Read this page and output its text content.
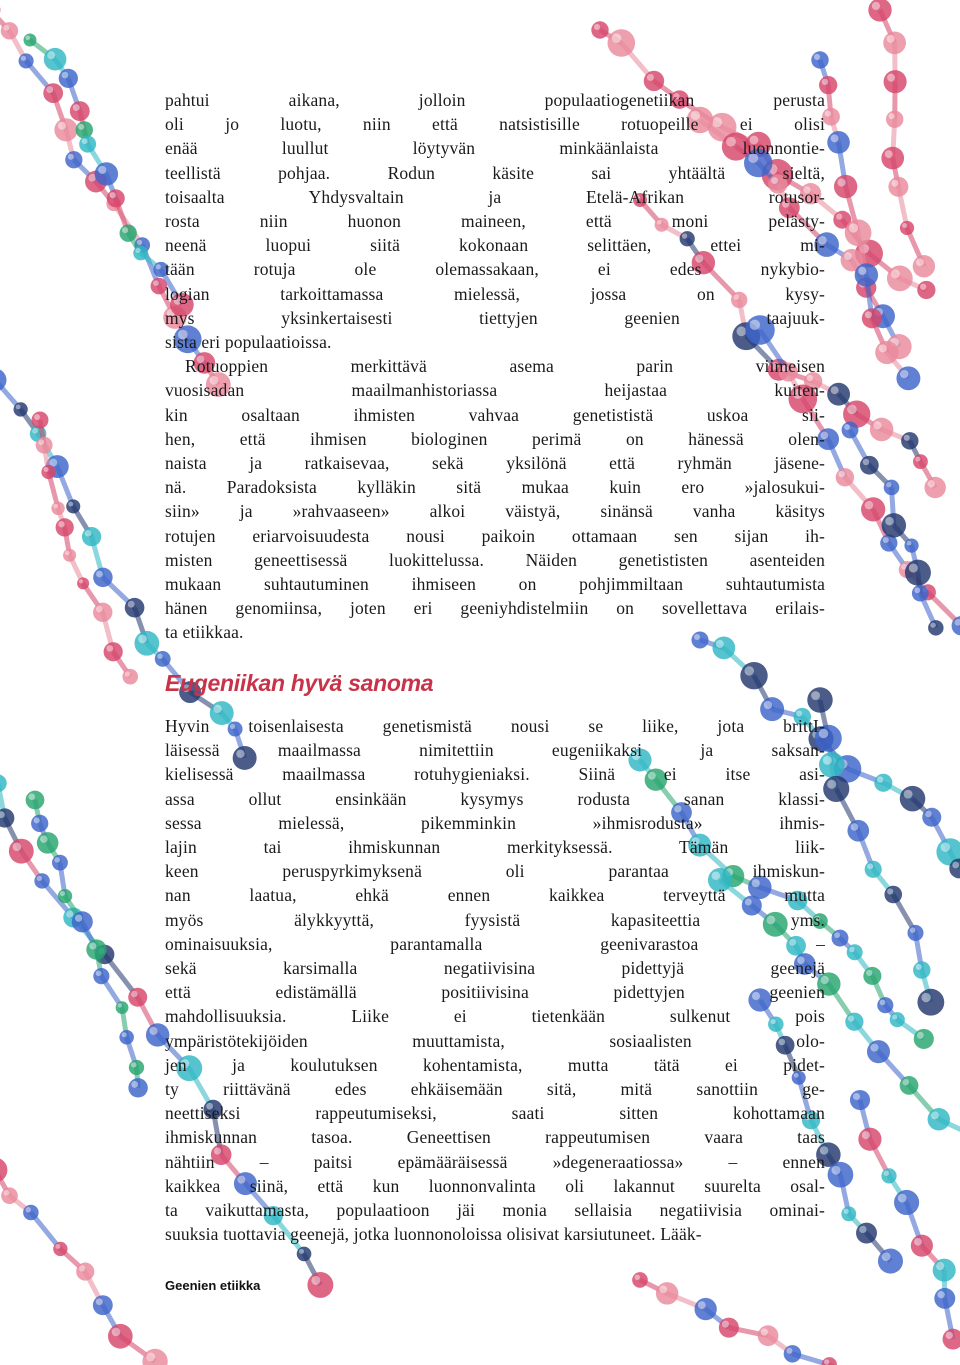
pahtui aikana, jolloin populaatiogenetiikan perusta
oli jo luotu, niin että natsistisille rotuopeille ei olisi
enää luullut löytyvän minkäänlaista luonnontie-
teellistä pohjaa. Rodun käsite sai yhtäältä sieltä,
toisaalta Yhdysvaltain ja Etelä-Afrikan rotusor-
rosta niin huonon maineen, että moni pelästy-
neenä luopui siitä kokonaan selittäen, ettei mi-
tään rotuja ole olemassakaan, ei edes nykybio-
logian tarkoittamassa mielessä, jossa on kysy-
mys yksinkertaisesti tiettyjen geenien taajuuk-
sista eri populaatioissa.
Rotuoppien merkittävä asema parin viimeisen
vuosisadan maailmanhistoriassa heijastaa kuiten-
kin osaltaan ihmisten vahvaa genetististä uskoa sii-
hen, että ihmisen biologinen perimä on hänessä olen-
naista ja ratkaisevaa, sekä yksilönä että ryhmän jäsene-
nä. Paradoksista kylläkin sitä mukaa kuin ero »jalosukui-
siin» ja »rahvaaseen» alkoi väistyä, sinänsä vanha käsitys
rotujen eriarvoisuudesta nousi paikoin ottamaan sen sijan ih-
misten geneettisessä luokittelussa. Näiden genetististen asenteiden
mukaan suhtautuminen ihmiseen on pohjimmiltaan suhtautumista
hänen genomiinsa, joten eri geeniyhdistelmiin on sovellettava erilais-
ta etiikkaa.
Eugeniikan hyvä sanoma
Hyvin toisenlaisesta genetismistä nousi se liike, jota brittI-
läisessä maailmassa nimitettiin eugeniikaksi ja saksan-
kielisessä maailmassa rotuhygieniaksi. Siinä ei itse asi-
assa ollut ensinkään kysymys rodusta sanan klassi-
sessa mielessä, pikemminkin »ihmisrodusta» ihmis-
lajin tai ihmiskunnan merkityksessä. Tämän liik-
keen peruspyrkimyksenä oli parantaa ihmiskun-
nan laatua, ehkä ennen kaikkea terveyttä mutta
myös älykkyyttä, fyysistä kapasiteettia yms.
ominaisuuksia, parantamalla geenivarastoa –
sekä karsimalla negatiivisina pidettyjä geenejä
että edistämällä positiivisina pidettyjen geenien
mahdollisuuksia. Liike ei tietenkään sulkenut pois
ympäristötekijöiden muuttamista, sosiaalisten olo-
jen ja koulutuksen kohentamista, mutta tätä ei pidet-
ty riittävänä edes ehkäisemään sitä, mitä sanottiin ge-
neettiseksi rappeutumiseksi, saati sitten kohottamaan
ihmiskunnan tasoa. Geneettisen rappeutumisen vaara taas
nähtiin – paitsi epämääräisessä »degeneraatiossa» – ennen
kaikkea siinä, että kun luonnonvalinta oli lakannut suurelta osal-
ta vaikuttamasta, populaatioon jäi monia sellaisia negatiivisia ominai-
suuksia tuottavia geenejä, jotka luonnonoloissa olisivat karsiutuneet. Lääk-
Geenien etiikka
